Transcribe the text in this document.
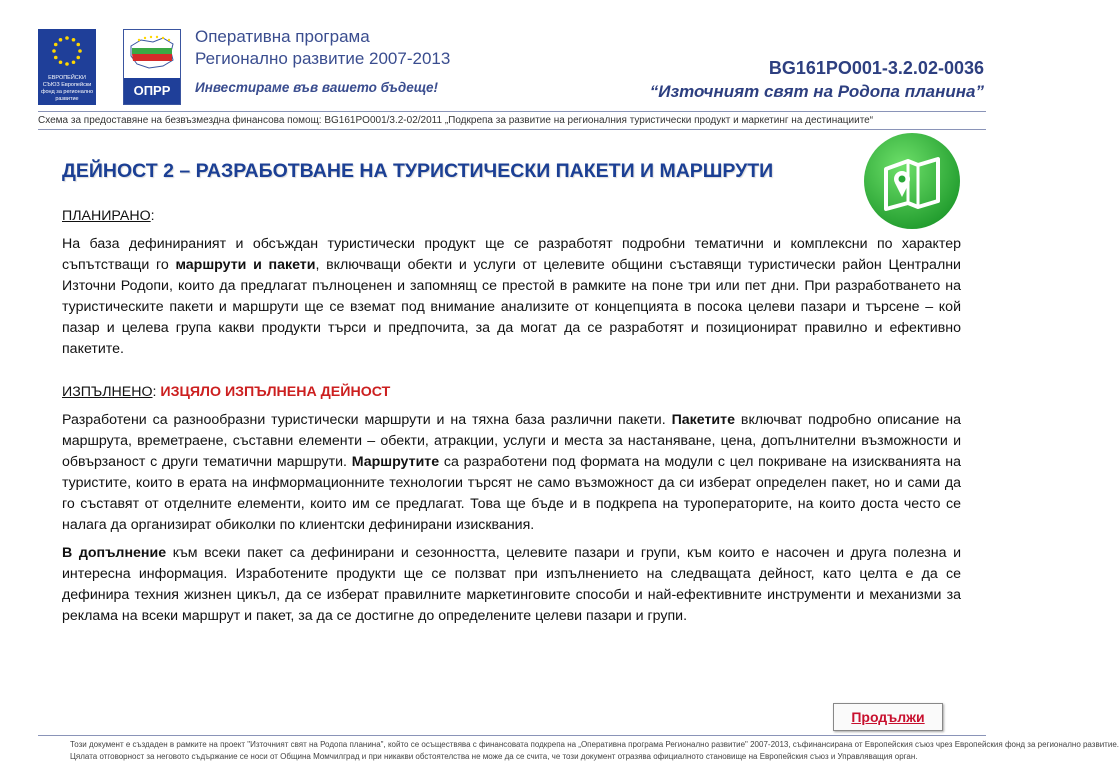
ЕВРОПЕЙСКИ СЪЮЗ Европейски фонд за регионално развитие
ОПРР
Оперативна програма
Регионално развитие 2007-2013
Инвестираме във вашето бъдеще!
BG161PO001-3.2.02-0036
“Източният свят на Родопа планина”
Схема за предоставяне на безвъзмездна финансова помощ: BG161PO001/3.2-02/2011 „Подкрепа за развитие на регионалния туристически продукт и маркетинг на дестинациите“
ДЕЙНОСТ 2 – РАЗРАБОТВАНЕ НА ТУРИСТИЧЕСКИ ПАКЕТИ И МАРШРУТИ

ПЛАНИРАНО:

На база дефинираният и обсъждан туристически продукт ще се разработят подробни тематични и комплексни по характер съпътстващи го маршрути и пакети, включващи обекти и услуги от целевите общини съставящи туристически район Централни Източни Родопи, които да предлагат пълноценен и запомнящ се престой в рамките на поне три или пет дни. При разработването на туристическите пакети и маршрути ще се вземат под внимание анализите от концепцията в посока целеви пазари и търсене – кой пазар и целева група какви продукти търси и предпочита, за да могат да се разработят и позиционират правилно и ефективно пакетите.

ИЗПЪЛНЕНО: ИЗЦЯЛО ИЗПЪЛНЕНА ДЕЙНОСТ

Разработени са разнообразни туристически маршрути и на тяхна база различни пакети. Пакетите включват подробно описание на маршрута, времетраене, съставни елементи – обекти, атракции, услуги и места за настаняване, цена, допълнителни възможности и обвързаност с други тематични маршрути. Маршрутите са разработени под формата на модули с цел покриване на изискванията на туристите, които в ерата на инфмормационните технологии търсят не само възможност да си изберат определен пакет, но и сами да го съставят от отделните елементи, които им се предлагат. Това ще бъде и в подкрепа на туроператорите, на които доста често се налага да организират обиколки по клиентски дефинирани изисквания.

В допълнение към всеки пакет са дефинирани и сезонността, целевите пазари и групи, към които е насочен и друга полезна и интересна информация. Изработените продукти ще се ползват при изпълнението на следващата дейност, като целта е да се дефинира техния жизнен цикъл, да се изберат правилните маркетинговите способи и най-ефективните инструменти и механизми за реклама на всеки маршрут и пакет, за да се достигне до определените целеви пазари и групи.

Продължи
Този документ е създаден в рамките на проект "Източният свят на Родопа планина", който се осъществява с финансовата подкрепа на „Оперативна програма Регионално развитие" 2007-2013, съфинансирана от Европейския съюз чрез Европейския фонд за регионално развитие.
Цялата отговорност за неговото съдържание се носи от Община Момчилград и при никакви обстоятелства не може да се счита, че този документ отразява официалното становище на Европейския съюз и Управляващия орган.
